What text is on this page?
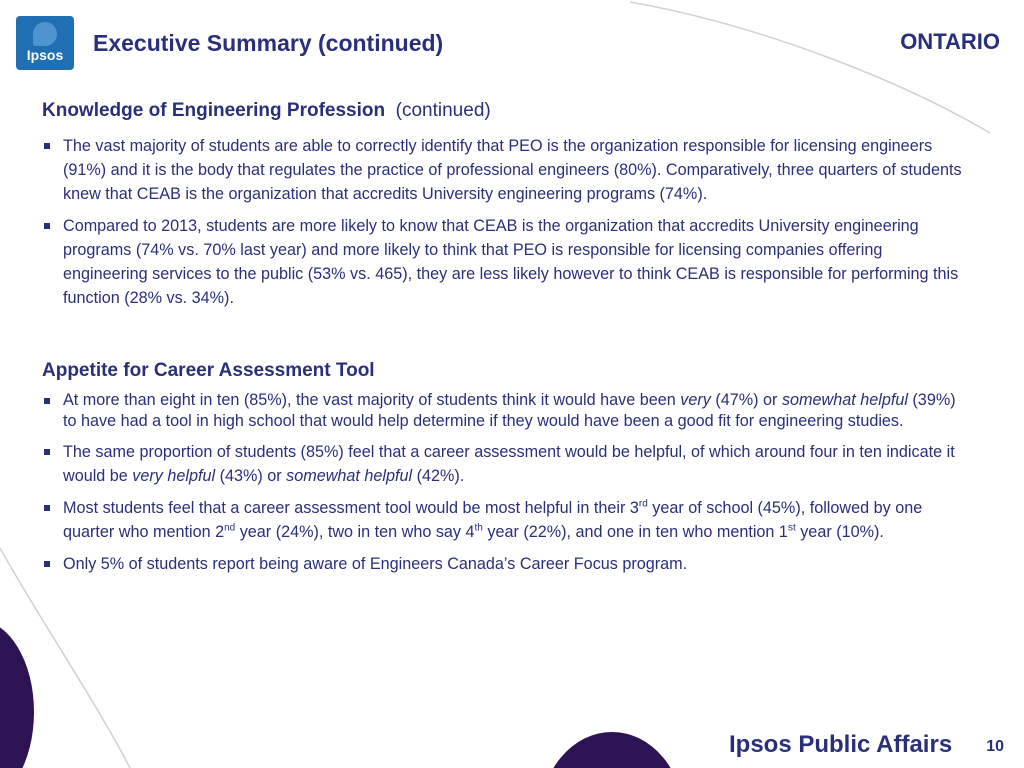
Ipsos	Executive Summary (continued)	ONTARIO
Knowledge of Engineering Profession (continued)
The vast majority of students are able to correctly identify that PEO is the organization responsible for licensing engineers (91%) and it is the body that regulates the practice of professional engineers (80%). Comparatively, three quarters of students knew that CEAB is the organization that accredits University engineering programs (74%).
Compared to 2013, students are more likely to know that CEAB is the organization that accredits University engineering programs (74% vs. 70% last year) and more likely to think that PEO is responsible for licensing companies offering engineering services to the public (53% vs. 465), they are less likely however to think CEAB is responsible for performing this function (28% vs. 34%).
Appetite for Career Assessment Tool
At more than eight in ten (85%), the vast majority of students think it would have been very (47%) or somewhat helpful (39%) to have had a tool in high school that would help determine if they would have been a good fit for engineering studies.
The same proportion of students (85%) feel that a career assessment would be helpful, of which around four in ten indicate it would be very helpful (43%) or somewhat helpful (42%).
Most students feel that a career assessment tool would be most helpful in their 3rd year of school (45%), followed by one quarter who mention 2nd year (24%), two in ten who say 4th year (22%), and one in ten who mention 1st year (10%).
Only 5% of students report being aware of Engineers Canada’s Career Focus program.
Ipsos Public Affairs 10
